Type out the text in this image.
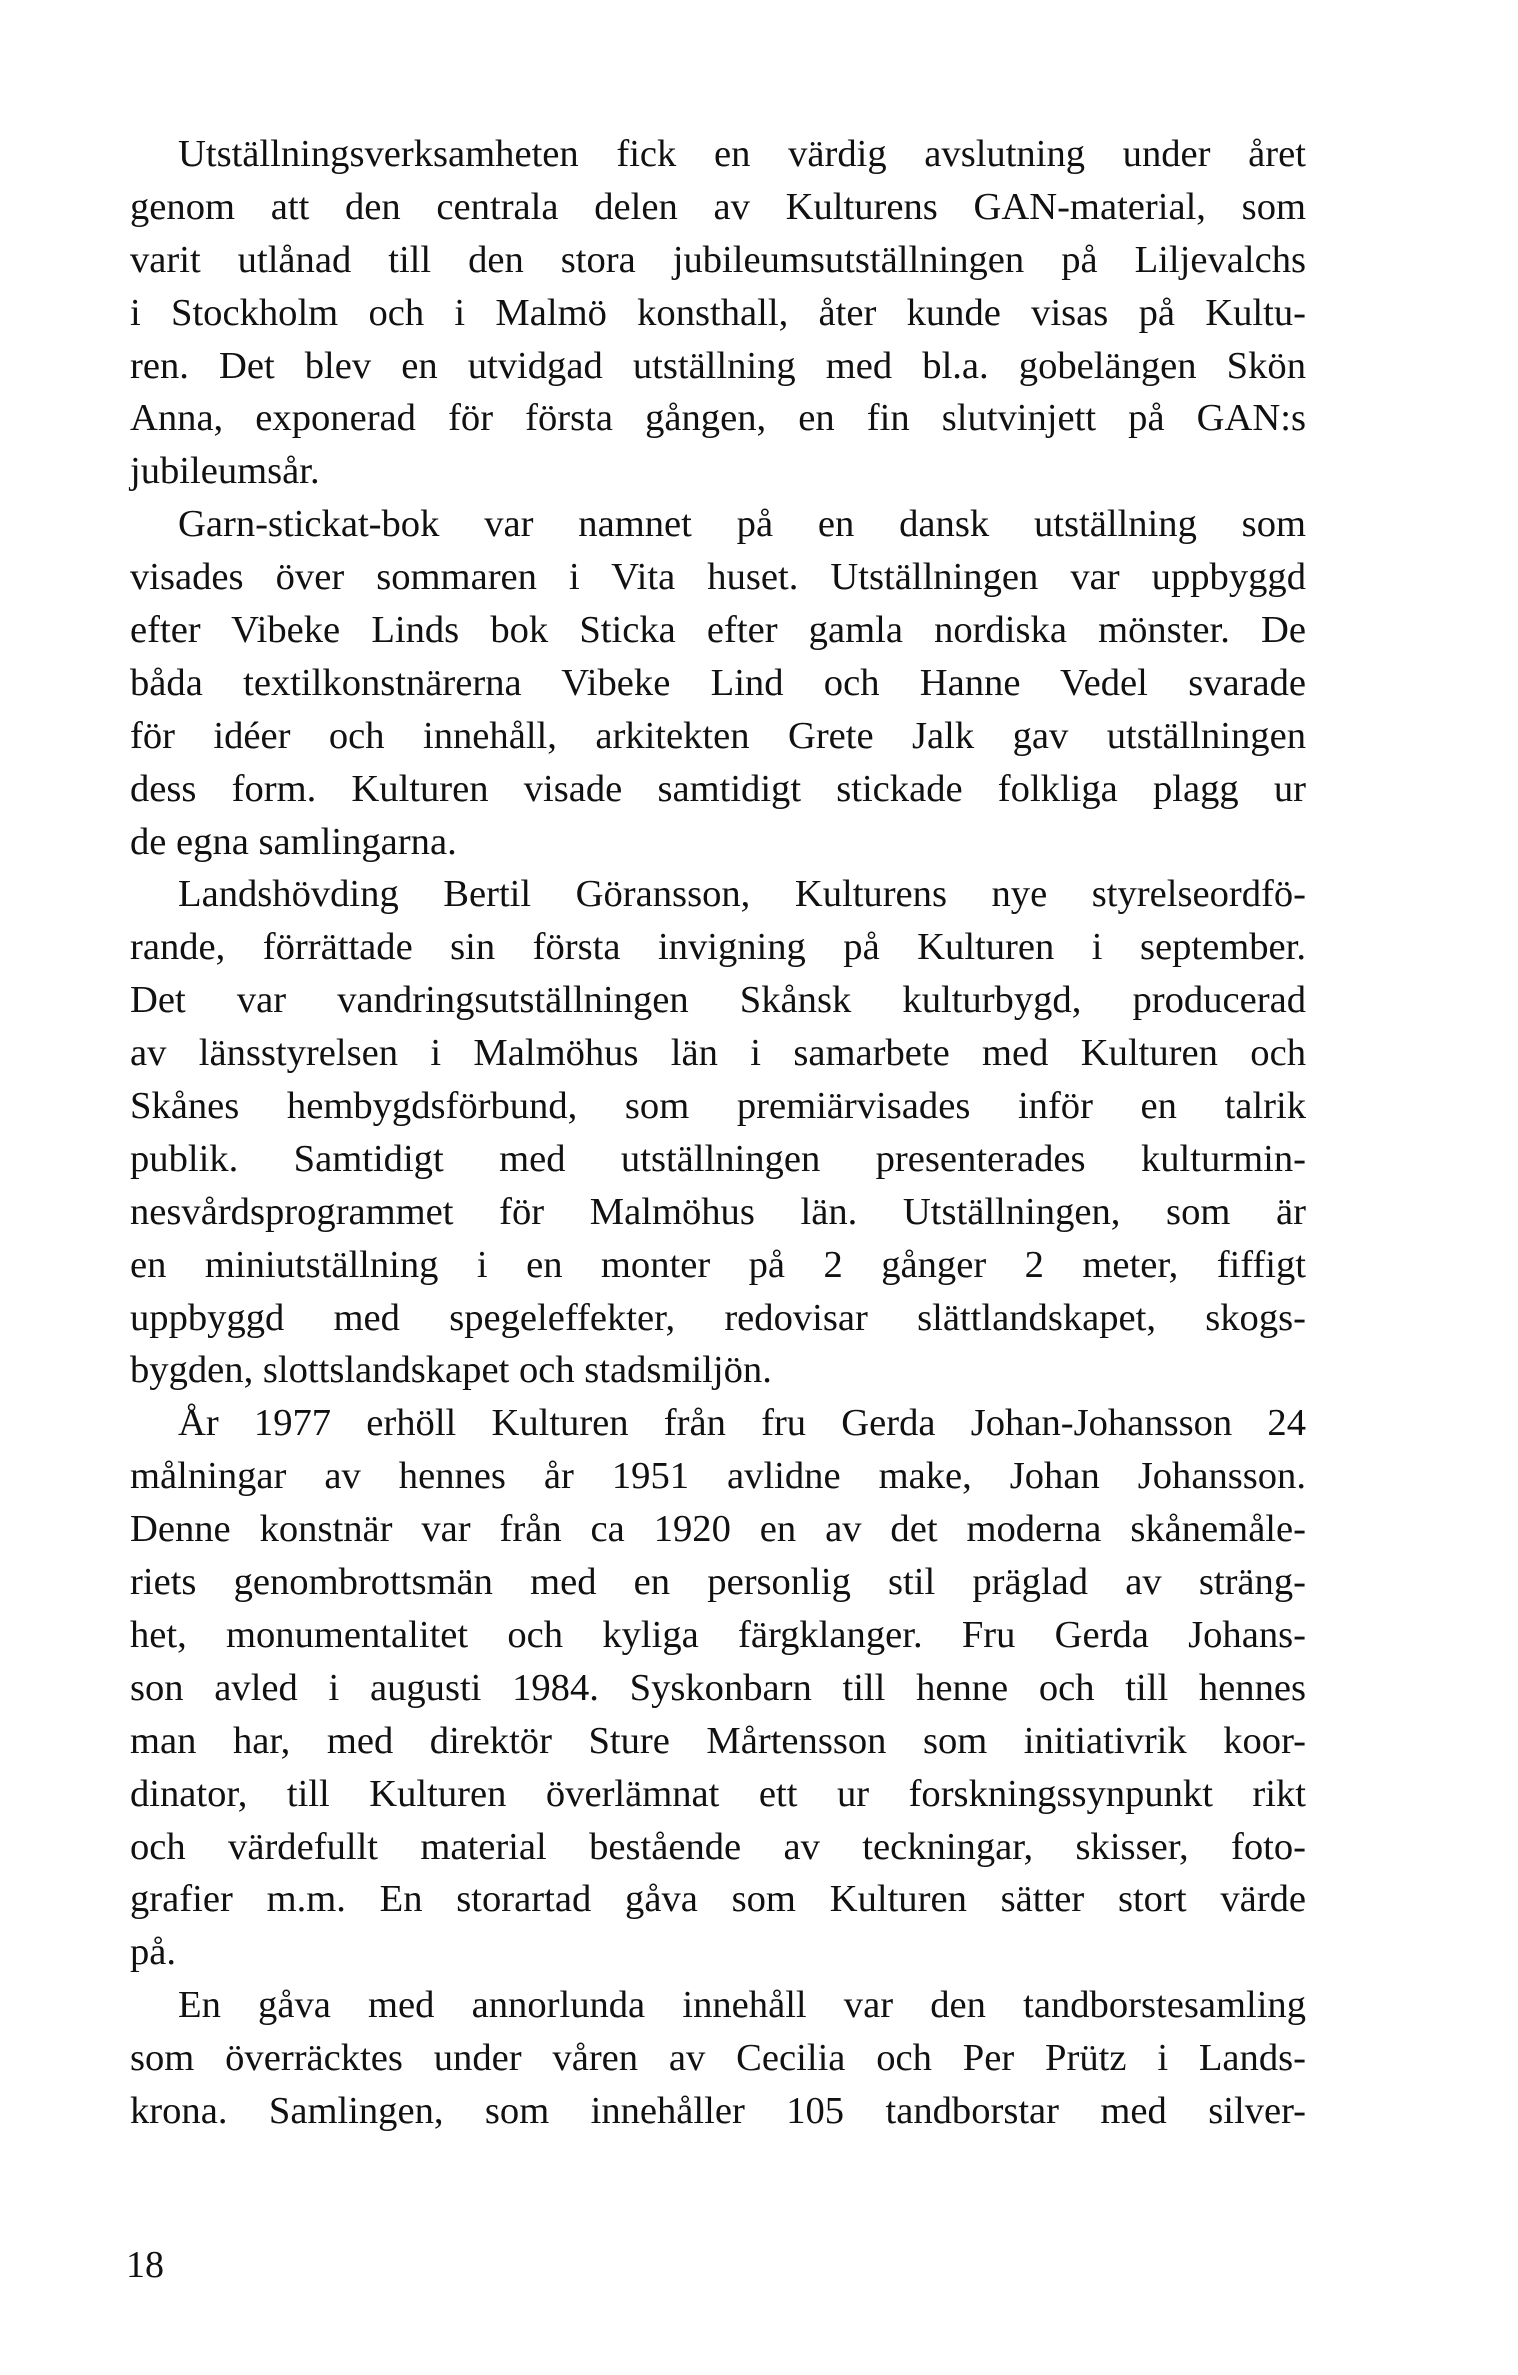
Utställningsverksamheten fick en värdig avslutning under året
genom att den centrala delen av Kulturens GAN-material, som
varit utlånad till den stora jubileumsutställningen på Liljevalchs
i Stockholm och i Malmö konsthall, åter kunde visas på Kultu-
ren. Det blev en utvidgad utställning med bl.a. gobelängen Skön
Anna, exponerad för första gången, en fin slutvinjett på GAN:s
jubileumsår.
Garn-stickat-bok var namnet på en dansk utställning som
visades över sommaren i Vita huset. Utställningen var uppbyggd
efter Vibeke Linds bok Sticka efter gamla nordiska mönster. De
båda textilkonstnärerna Vibeke Lind och Hanne Vedel svarade
för idéer och innehåll, arkitekten Grete Jalk gav utställningen
dess form. Kulturen visade samtidigt stickade folkliga plagg ur
de egna samlingarna.
Landshövding Bertil Göransson, Kulturens nye styrelseordfö-
rande, förrättade sin första invigning på Kulturen i september.
Det var vandringsutställningen Skånsk kulturbygd, producerad
av länsstyrelsen i Malmöhus län i samarbete med Kulturen och
Skånes hembygdsförbund, som premiärvisades inför en talrik
publik. Samtidigt med utställningen presenterades kulturmin-
nesvårdsprogrammet för Malmöhus län. Utställningen, som är
en miniutställning i en monter på 2 gånger 2 meter, fiffigt
uppbyggd med spegeleffekter, redovisar slättlandskapet, skogs-
bygden, slottslandskapet och stadsmiljön.
År 1977 erhöll Kulturen från fru Gerda Johan-Johansson 24
målningar av hennes år 1951 avlidne make, Johan Johansson.
Denne konstnär var från ca 1920 en av det moderna skånemåle-
riets genombrottsmän med en personlig stil präglad av sträng-
het, monumentalitet och kyliga färgklanger. Fru Gerda Johans-
son avled i augusti 1984. Syskonbarn till henne och till hennes
man har, med direktör Sture Mårtensson som initiativrik koor-
dinator, till Kulturen överlämnat ett ur forskningssynpunkt rikt
och värdefullt material bestående av teckningar, skisser, foto-
grafier m.m. En storartad gåva som Kulturen sätter stort värde
på.
En gåva med annorlunda innehåll var den tandborstesamling
som överräcktes under våren av Cecilia och Per Prütz i Lands-
krona. Samlingen, som innehåller 105 tandborstar med silver-
18
